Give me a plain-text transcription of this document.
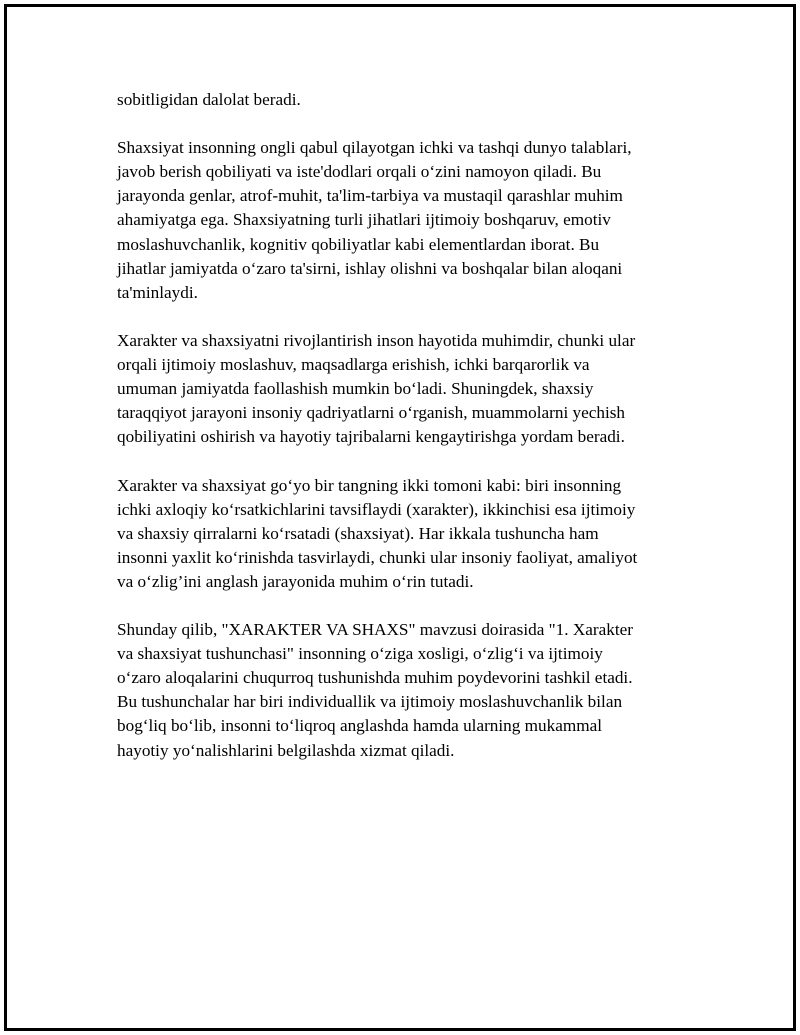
sobitligidan dalolat beradi.

Shaxsiyat insonning ongli qabul qilayotgan ichki va tashqi dunyo talablari,
javob berish qobiliyati va iste'dodlari orqali o‘zini namoyon qiladi. Bu
jarayonda genlar, atrof-muhit, ta'lim-tarbiya va mustaqil qarashlar muhim
ahamiyatga ega. Shaxsiyatning turli jihatlari ijtimoiy boshqaruv, emotiv
moslashuvchanlik, kognitiv qobiliyatlar kabi elementlardan iborat. Bu
jihatlar jamiyatda o‘zaro ta'sirni, ishlay olishni va boshqalar bilan aloqani
ta'minlaydi.

Xarakter va shaxsiyatni rivojlantirish inson hayotida muhimdir, chunki ular
orqali ijtimoiy moslashuv, maqsadlarga erishish, ichki barqarorlik va
umuman jamiyatda faollashish mumkin bo‘ladi. Shuningdek, shaxsiy
taraqqiyot jarayoni insoniy qadriyatlarni o‘rganish, muammolarni yechish
qobiliyatini oshirish va hayotiy tajribalarni kengaytirishga yordam beradi.

Xarakter va shaxsiyat go‘yo bir tangning ikki tomoni kabi: biri insonning
ichki axloqiy ko‘rsatkichlarini tavsiflaydi (xarakter), ikkinchisi esa ijtimoiy
va shaxsiy qirralarni ko‘rsatadi (shaxsiyat). Har ikkala tushuncha ham
insonni yaxlit ko‘rinishda tasvirlaydi, chunki ular insoniy faoliyat, amaliyot
va o‘zlig’ini anglash jarayonida muhim o‘rin tutadi.

Shunday qilib, "XARAKTER VA SHAXS" mavzusi doirasida "1. Xarakter
va shaxsiyat tushunchasi" insonning o‘ziga xosligi, o‘zlig‘i va ijtimoiy
o‘zaro aloqalarini chuqurroq tushunishda muhim poydevorini tashkil etadi.
Bu tushunchalar har biri individuallik va ijtimoiy moslashuvchanlik bilan
bog‘liq bo‘lib, insonni to‘liqroq anglashda hamda ularning mukammal
hayotiy yo‘nalishlarini belgilashda xizmat qiladi.
